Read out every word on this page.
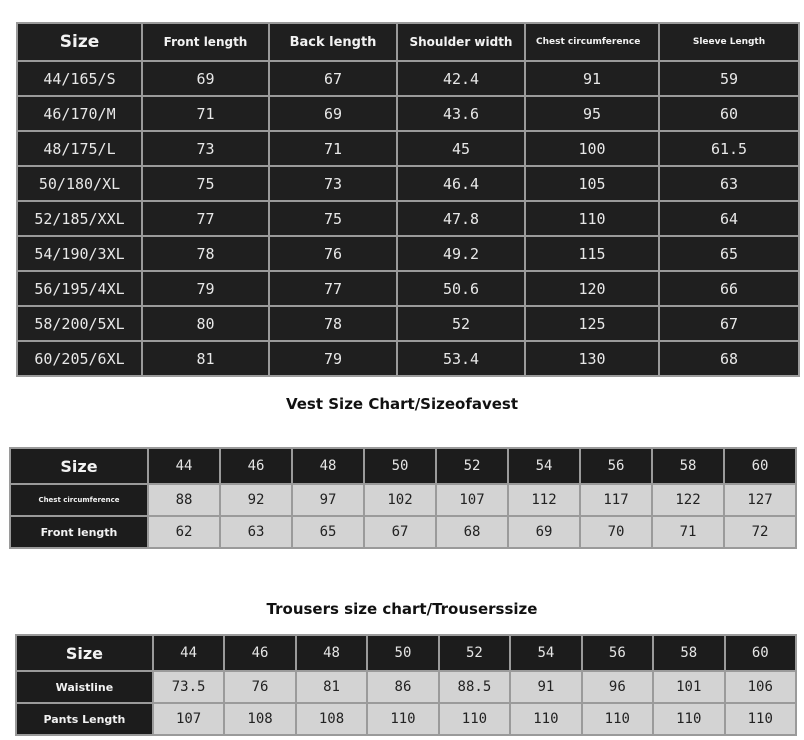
Size	Front length	Back length	Shoulder width	Chest circumference	Sleeve Length
44/165/S	69	67	42.4	91	59
46/170/M	71	69	43.6	95	60
48/175/L	73	71	45	100	61.5
50/180/XL	75	73	46.4	105	63
52/185/XXL	77	75	47.8	110	64
54/190/3XL	78	76	49.2	115	65
56/195/4XL	79	77	50.6	120	66
58/200/5XL	80	78	52	125	67
60/205/6XL	81	79	53.4	130	68
Vest Size Chart/Sizeofavest
Size	44	46	48	50	52	54	56	58	60
Chest circumference	88	92	97	102	107	112	117	122	127
Front length	62	63	65	67	68	69	70	71	72
Trousers size chart/Trouserssize
Size	44	46	48	50	52	54	56	58	60
Waistline	73.5	76	81	86	88.5	91	96	101	106
Pants Length	107	108	108	110	110	110	110	110	110
